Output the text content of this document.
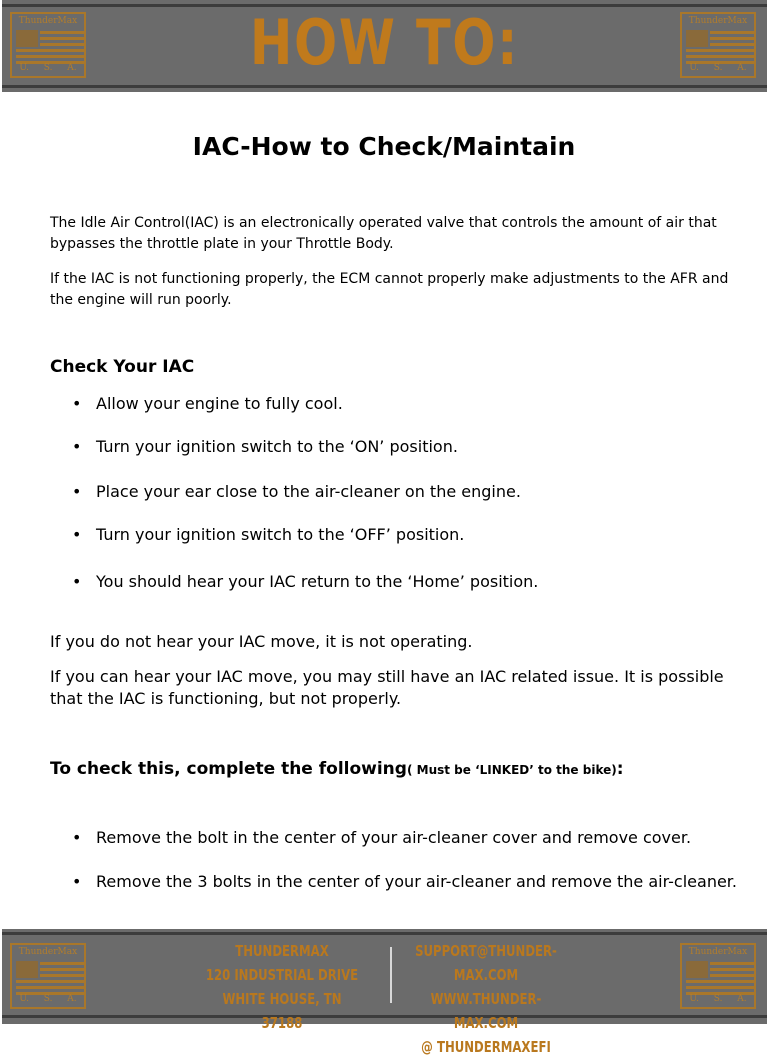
ThunderMax
U. S. A.	HOW TO:	ThunderMax
U. S. A.
IAC-How to Check/Maintain
The Idle Air Control(IAC) is an electronically operated valve that controls the amount of air that bypasses the throttle plate in your Throttle Body.
If the IAC is not functioning properly, the ECM cannot properly make adjustments to the AFR and the engine will run poorly.
Check Your IAC
• Allow your engine to fully cool.
• Turn your ignition switch to the ‘ON’ position.
• Place your ear close to the air-cleaner on the engine.
• Turn your ignition switch to the ‘OFF’ position.
• You should hear your IAC return to the ‘Home’ position.
If you do not hear your IAC move, it is not operating.
If you can hear your IAC move, you may still have an IAC related issue. It is possible that the IAC is functioning, but not properly.
To check this, complete the following( Must be ‘LINKED’ to the bike):
• Remove the bolt in the center of your air-cleaner cover and remove cover.
• Remove the 3 bolts in the center of your air-cleaner and remove the air-cleaner.
ThunderMax
U. S. A.
THUNDERMAX
120 INDUSTRIAL DRIVE
WHITE HOUSE, TN 37188
SUPPORT@THUNDER-MAX.COM
WWW.THUNDER-MAX.COM
@ THUNDERMAXEFI
ThunderMax
U. S. A.
